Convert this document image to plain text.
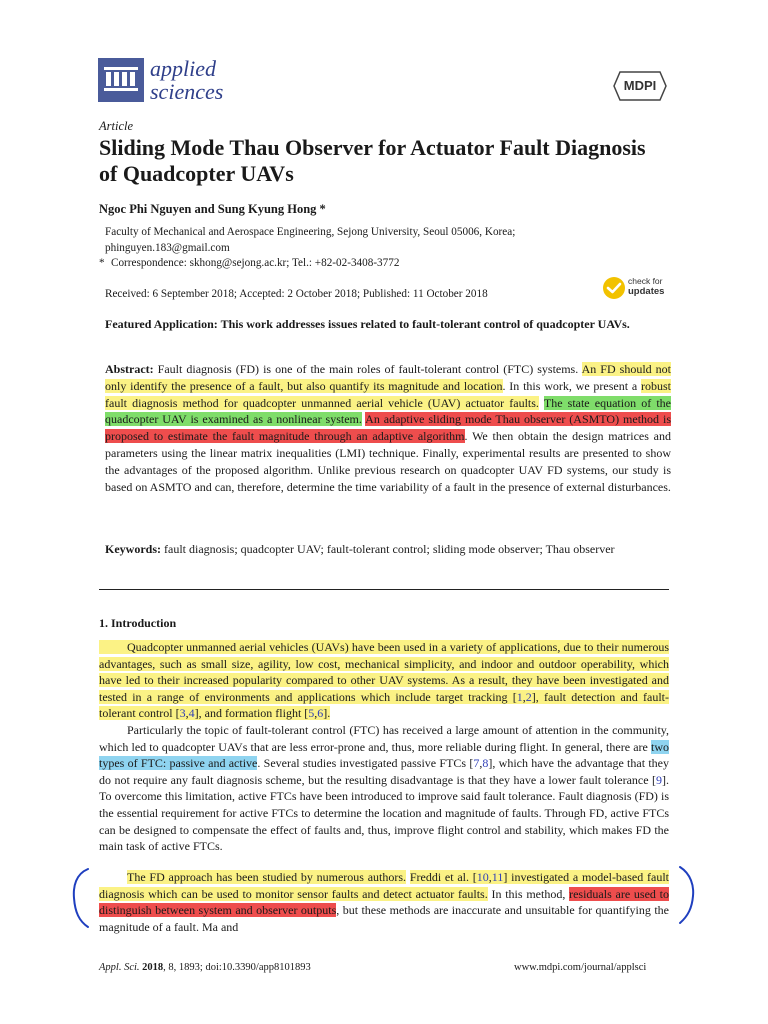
applied
sciences	MDPI
Article
Sliding Mode Thau Observer for Actuator Fault Diagnosis of Quadcopter UAVs
Ngoc Phi Nguyen and Sung Kyung Hong *
Faculty of Mechanical and Aerospace Engineering, Sejong University, Seoul 05006, Korea;
phinguyen.183@gmail.com
* Correspondence: skhong@sejong.ac.kr; Tel.: +82-02-3408-3772
check for
updates
Received: 6 September 2018; Accepted: 2 October 2018; Published: 11 October 2018
Featured Application: This work addresses issues related to fault-tolerant control of quadcopter UAVs.
Abstract: Fault diagnosis (FD) is one of the main roles of fault-tolerant control (FTC) systems. An FD should not only identify the presence of a fault, but also quantify its magnitude and location. In this work, we present a robust fault diagnosis method for quadcopter unmanned aerial vehicle (UAV) actuator faults. The state equation of the quadcopter UAV is examined as a nonlinear system. An adaptive sliding mode Thau observer (ASMTO) method is proposed to estimate the fault magnitude through an adaptive algorithm. We then obtain the design matrices and parameters using the linear matrix inequalities (LMI) technique. Finally, experimental results are presented to show the advantages of the proposed algorithm. Unlike previous research on quadcopter UAV FD systems, our study is based on ASMTO and can, therefore, determine the time variability of a fault in the presence of external disturbances.
Keywords: fault diagnosis; quadcopter UAV; fault-tolerant control; sliding mode observer; Thau observer
1. Introduction
Quadcopter unmanned aerial vehicles (UAVs) have been used in a variety of applications, due to their numerous advantages, such as small size, agility, low cost, mechanical simplicity, and indoor and outdoor operability, which have led to their increased popularity compared to other UAV systems. As a result, they have been investigated and tested in a range of environments and applications which include target tracking [1,2], fault detection and fault-tolerant control [3,4], and formation flight [5,6].
Particularly the topic of fault-tolerant control (FTC) has received a large amount of attention in the community, which led to quadcopter UAVs that are less error-prone and, thus, more reliable during flight. In general, there are two types of FTC: passive and active. Several studies investigated passive FTCs [7,8], which have the advantage that they do not require any fault diagnosis scheme, but the resulting disadvantage is that they have a lower fault tolerance [9]. To overcome this limitation, active FTCs have been introduced to improve said fault tolerance. Fault diagnosis (FD) is the essential requirement for active FTCs to determine the location and magnitude of faults. Through FD, active FTCs can be designed to compensate the effect of faults and, thus, improve flight control and stability, which makes FD the main task of active FTCs.
The FD approach has been studied by numerous authors. Freddi et al. [10,11] investigated a model-based fault diagnosis which can be used to monitor sensor faults and detect actuator faults. In this method, residuals are used to distinguish between system and observer outputs, but these methods are inaccurate and unsuitable for quantifying the magnitude of a fault. Ma and
Appl. Sci. 2018, 8, 1893; doi:10.3390/app8101893	www.mdpi.com/journal/applsci
